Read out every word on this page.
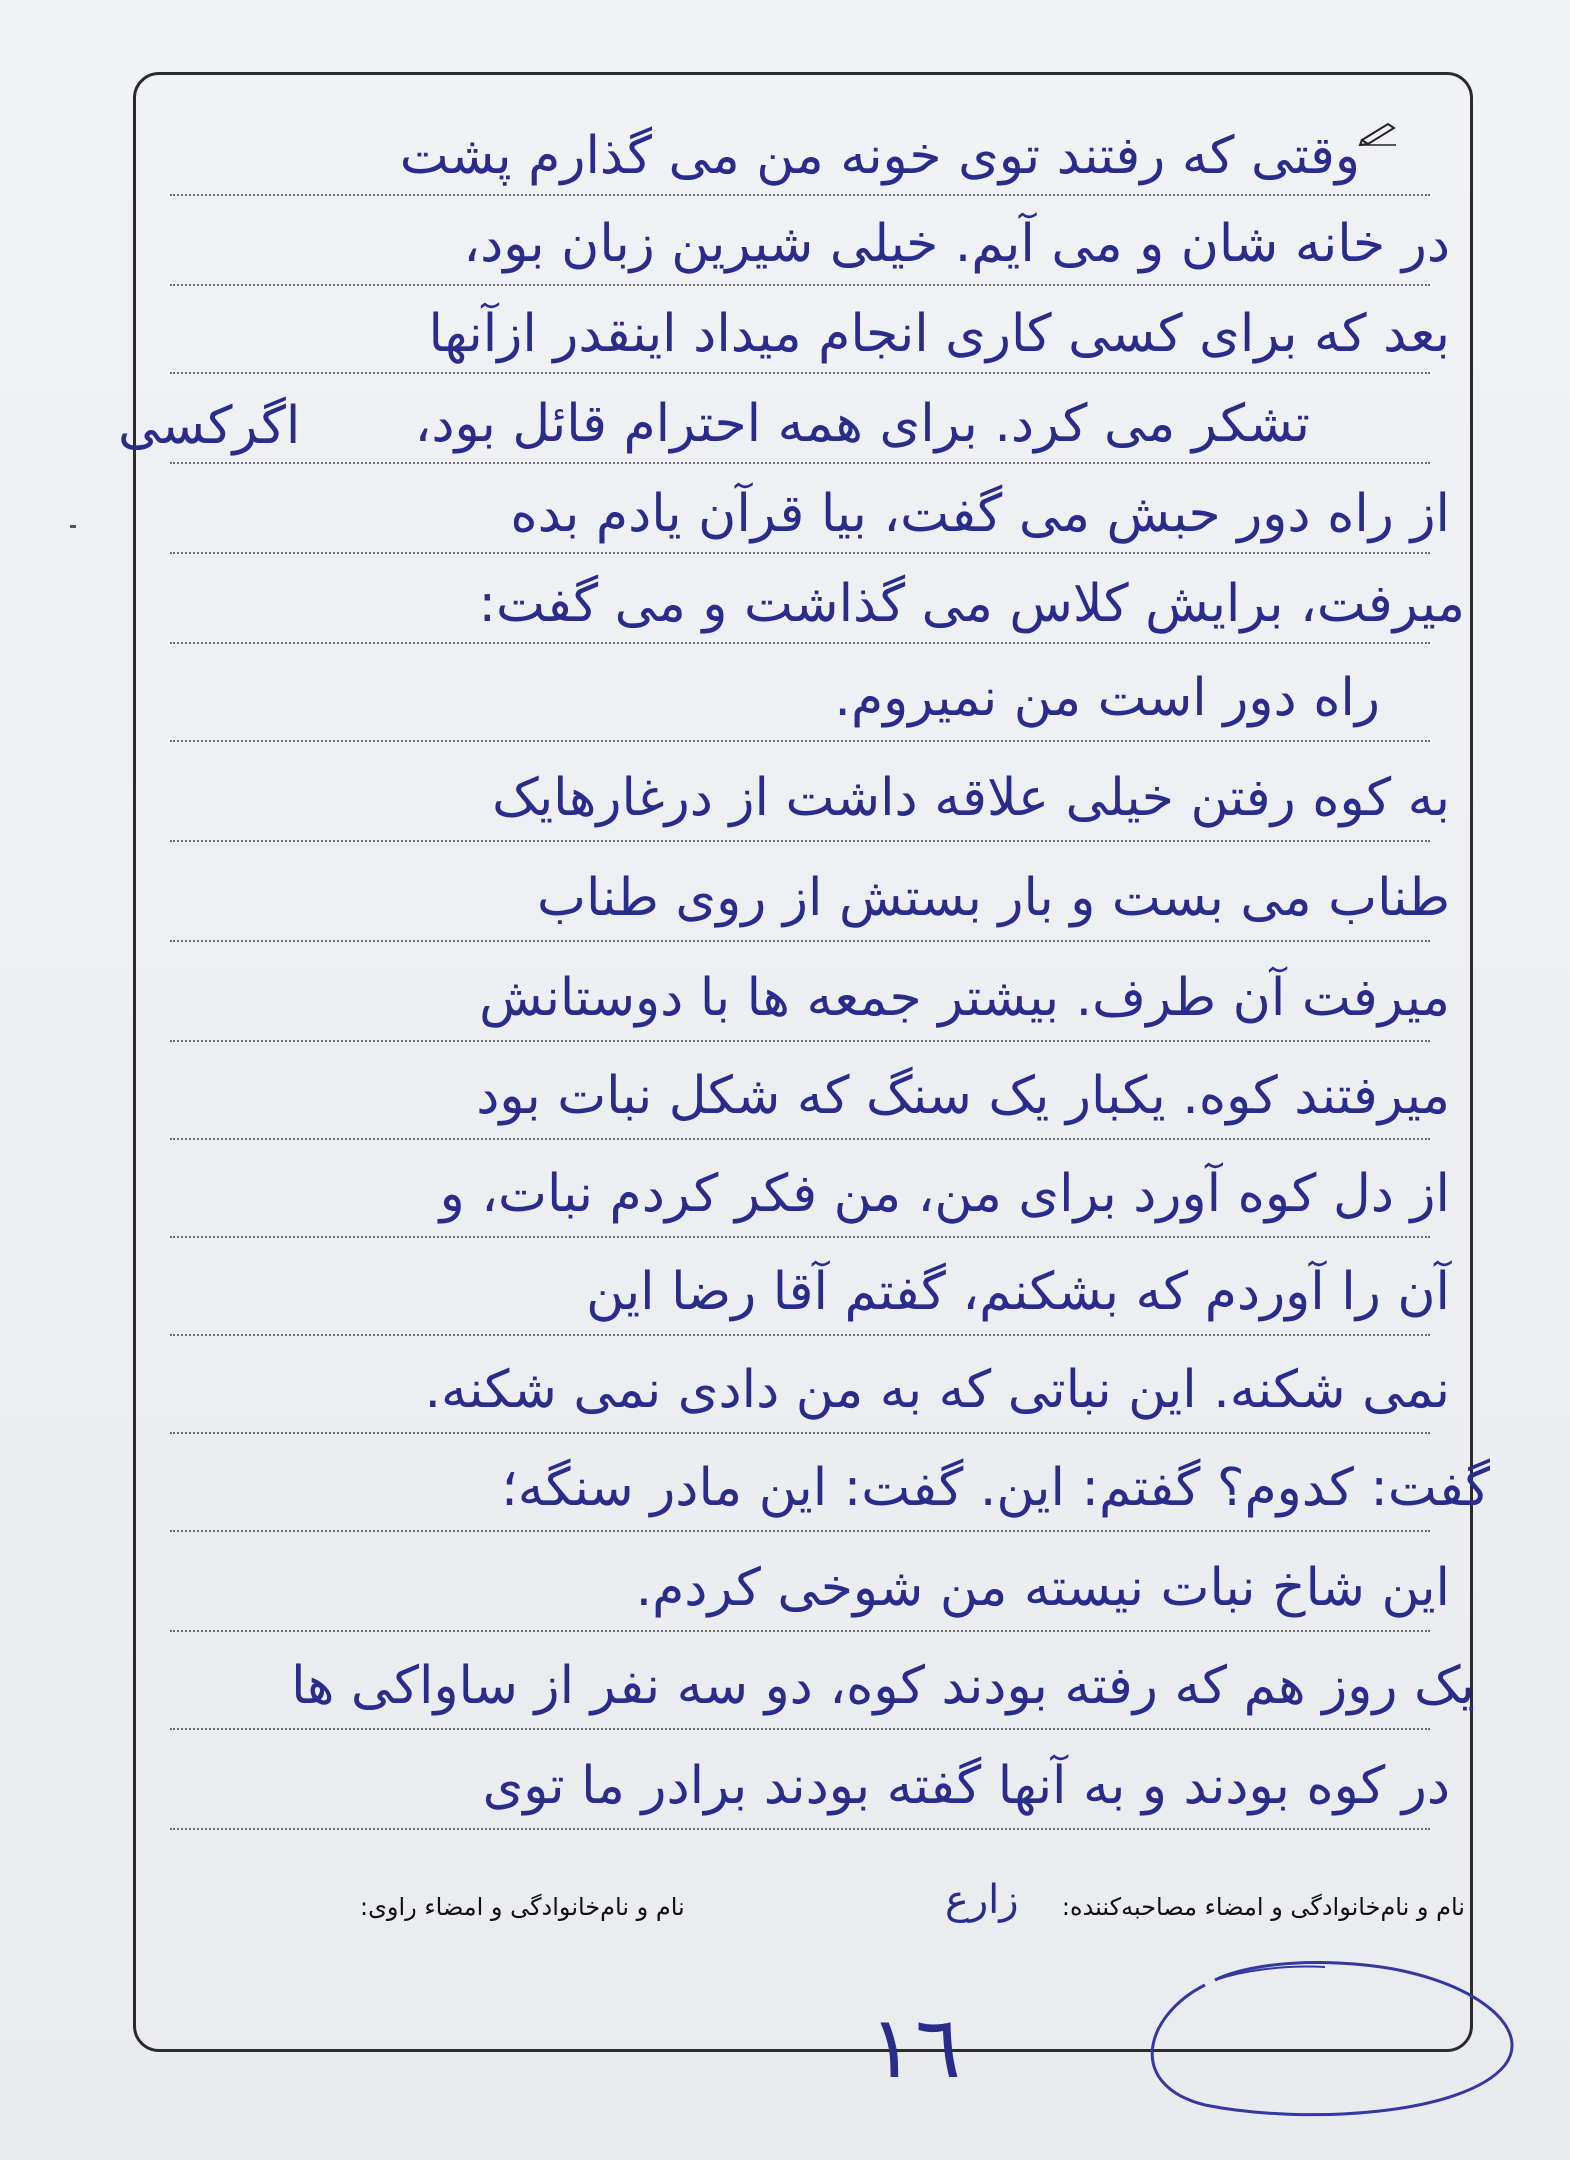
وقتی که رفتند توی خونه من می گذارم پشت
در خانه شان و می آیم. خیلی شیرین زبان بود،
بعد که برای کسی کاری انجام میداد اینقدر ازآنها
تشکر می کرد. برای همه احترام قائل بود،
اگرکسی
از راه دور حبش می گفت، بیا قرآن یادم بده
میرفت، برایش کلاس می گذاشت و می گفت:
راه دور است من نمیروم.
به کوه رفتن خیلی علاقه داشت از درغارهایک
طناب می بست و بار بستش از روی طناب
میرفت آن طرف. بیشتر جمعه ها با دوستانش
میرفتند کوه. یکبار یک سنگ که شکل نبات بود
از دل کوه آورد برای من، من فکر کردم نبات، و
آن را آوردم که بشکنم، گفتم آقا رضا این
نمی شکنه. این نباتی که به من دادی نمی شکنه.
گفت: کدوم؟ گفتم: این. گفت: این مادر سنگه؛
این شاخ نبات نیسته من شوخی کردم.
یک روز هم که رفته بودند کوه، دو سه نفر از ساواکی ها
در کوه بودند و به آنها گفته بودند برادر ما توی
نام و نام‌خانوادگی و امضاء مصاحبه‌کننده:
زارع
نام و نام‌خانوادگی و امضاء راوی:
١٦
